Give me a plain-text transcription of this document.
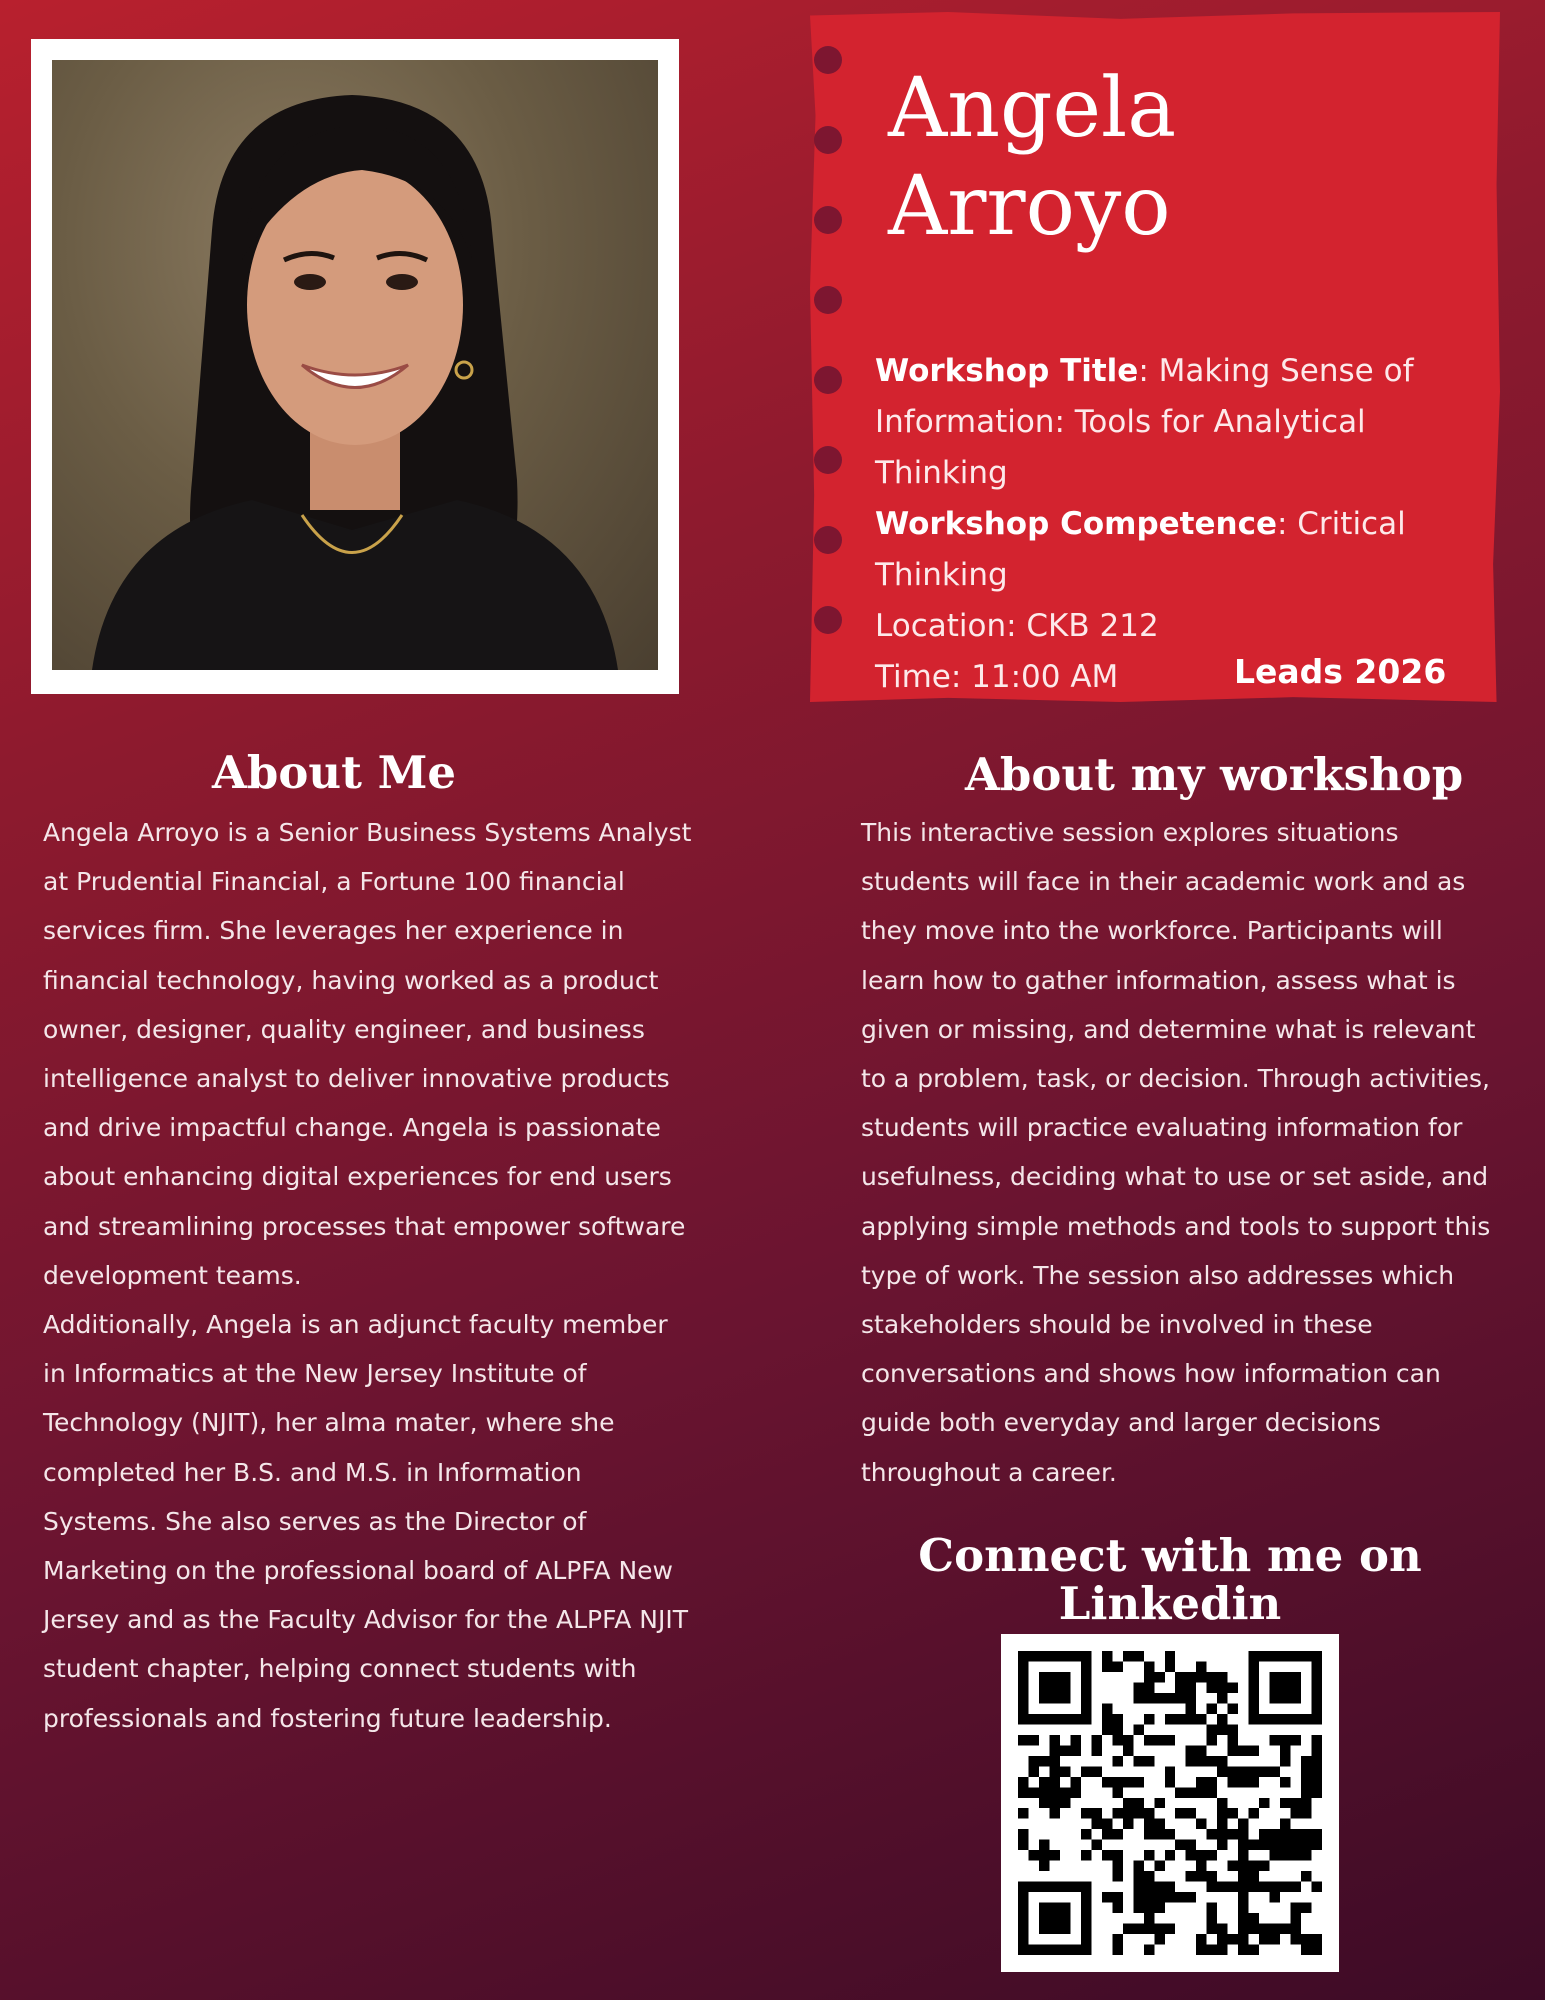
Angela
Arroyo
Workshop Title: Making Sense of Information: Tools for Analytical Thinking
Workshop Competence: Critical Thinking
Location: CKB 212
Time: 11:00 AM	Leads 2026
About Me
Angela Arroyo is a Senior Business Systems Analyst at Prudential Financial, a Fortune 100 financial services firm. She leverages her experience in financial technology, having worked as a product owner, designer, quality engineer, and business intelligence analyst to deliver innovative products and drive impactful change. Angela is passionate about enhancing digital experiences for end users and streamlining processes that empower software development teams.
Additionally, Angela is an adjunct faculty member in Informatics at the New Jersey Institute of Technology (NJIT), her alma mater, where she completed her B.S. and M.S. in Information Systems. She also serves as the Director of Marketing on the professional board of ALPFA New Jersey and as the Faculty Advisor for the ALPFA NJIT student chapter, helping connect students with professionals and fostering future leadership.
About my workshop
This interactive session explores situations students will face in their academic work and as they move into the workforce. Participants will learn how to gather information, assess what is given or missing, and determine what is relevant to a problem, task, or decision. Through activities, students will practice evaluating information for usefulness, deciding what to use or set aside, and applying simple methods and tools to support this type of work. The session also addresses which stakeholders should be involved in these conversations and shows how information can guide both everyday and larger decisions throughout a career.
Connect with me on Linkedin
